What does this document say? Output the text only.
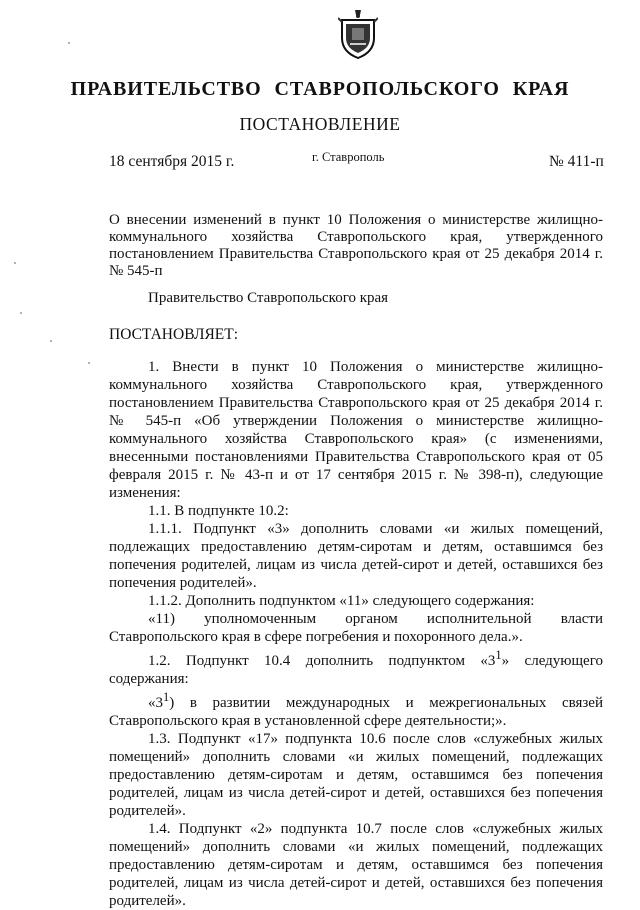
ПРАВИТЕЛЬСТВО СТАВРОПОЛЬСКОГО КРАЯ
ПОСТАНОВЛЕНИЕ
18 сентября 2015 г.	г. Ставрополь	№ 411-п
О внесении изменений в пункт 10 Положения о министерстве жилищно-коммунального хозяйства Ставропольского края, утвержденного постановлением Правительства Ставропольского края от 25 декабря 2014 г. № 545-п
Правительство Ставропольского края
ПОСТАНОВЛЯЕТ:

1. Внести в пункт 10 Положения о министерстве жилищно-коммунального хозяйства Ставропольского края, утвержденного постановлением Правительства Ставропольского края от 25 декабря 2014 г. № 545-п «Об утверждении Положения о министерстве жилищно-коммунального хозяйства Ставропольского края» (с изменениями, внесенными постановлениями Правительства Ставропольского края от 05 февраля 2015 г. № 43-п и от 17 сентября 2015 г. № 398-п), следующие изменения:

1.1. В подпункте 10.2:

1.1.1. Подпункт «3» дополнить словами «и жилых помещений, подлежащих предоставлению детям-сиротам и детям, оставшимся без попечения родителей, лицам из числа детей-сирот и детей, оставшихся без попечения родителей».

1.1.2. Дополнить подпунктом «11» следующего содержания:

«11) уполномоченным органом исполнительной власти Ставропольского края в сфере погребения и похоронного дела.».

1.2. Подпункт 10.4 дополнить подпунктом «$3^1$» следующего содержания:

«$3^1$) в развитии международных и межрегиональных связей Ставропольского края в установленной сфере деятельности;».

1.3. Подпункт «17» подпункта 10.6 после слов «служебных жилых помещений» дополнить словами «и жилых помещений, подлежащих предоставлению детям-сиротам и детям, оставшимся без попечения родителей, лицам из числа детей-сирот и детей, оставшихся без попечения родителей».

1.4. Подпункт «2» подпункта 10.7 после слов «служебных жилых помещений» дополнить словами «и жилых помещений, подлежащих предоставлению детям-сиротам и детям, оставшимся без попечения родителей, лицам из числа детей-сирот и детей, оставшихся без попечения родителей».
